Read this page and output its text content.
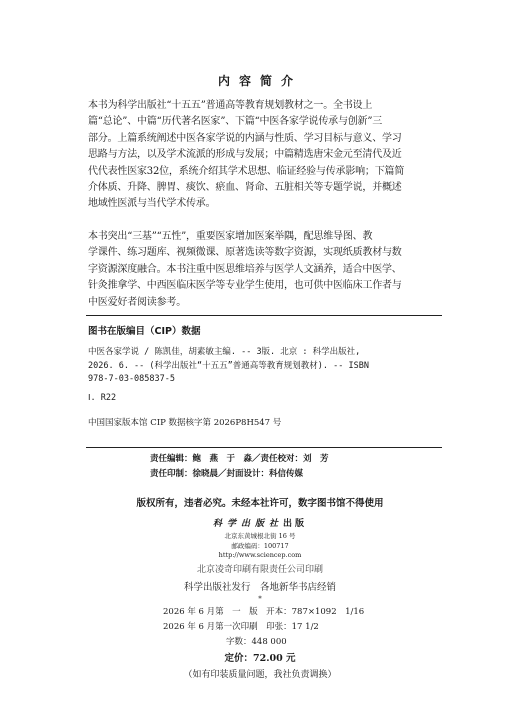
内容简介
本书为科学出版社“十五五”普通高等教育规划教材之一。全书设上
篇“总论”、中篇“历代著名医家”、下篇“中医各家学说传承与创新”三
部分。上篇系统阐述中医各家学说的内涵与性质、学习目标与意义、学习
思路与方法，以及学术流派的形成与发展；中篇精选唐宋金元至清代及近
代代表性医家32位，系统介绍其学术思想、临证经验与传承影响；下篇简
介体质、升降、脾胃、痰饮、瘀血、肾命、五脏相关等专题学说，并概述
地域性医派与当代学术传承。
本书突出“三基”“五性”，重要医家增加医案举隅，配思维导图、教
学课件、练习题库、视频微课、原著选读等数字资源，实现纸质教材与数
字资源深度融合。本书注重中医思维培养与医学人文涵养，适合中医学、
针灸推拿学、中西医临床医学等专业学生使用，也可供中医临床工作者与
中医爱好者阅读参考。
图书在版编目（CIP）数据
中医各家学说 / 陈凯佳，胡素敏主编. -- 3版. 北京 : 科学出版社,
2026. 6. -- (科学出版社“十五五”普通高等教育规划教材). -- ISBN
978-7-03-085837-5
Ⅰ. R22
中国国家版本馆 CIP 数据核字第 2026P8H547 号
责任编辑：鲍　燕　于　淼／责任校对：刘　芳
责任印制：徐晓晨／封面设计：科信传媒
版权所有，违者必究。未经本社许可，数字图书馆不得使用
科学出版社出版
北京东黄城根北街 16 号
邮政编码：100717
http://www.sciencep.com
北京凌奇印刷有限责任公司印刷
科学出版社发行　各地新华书店经销
*
2026 年 6 月第　一　版　开本：787×1092　1/16
2026 年 6 月第一次印刷　印张：17 1/2
字数：448 000
定价：72.00 元
（如有印装质量问题，我社负责调换）
